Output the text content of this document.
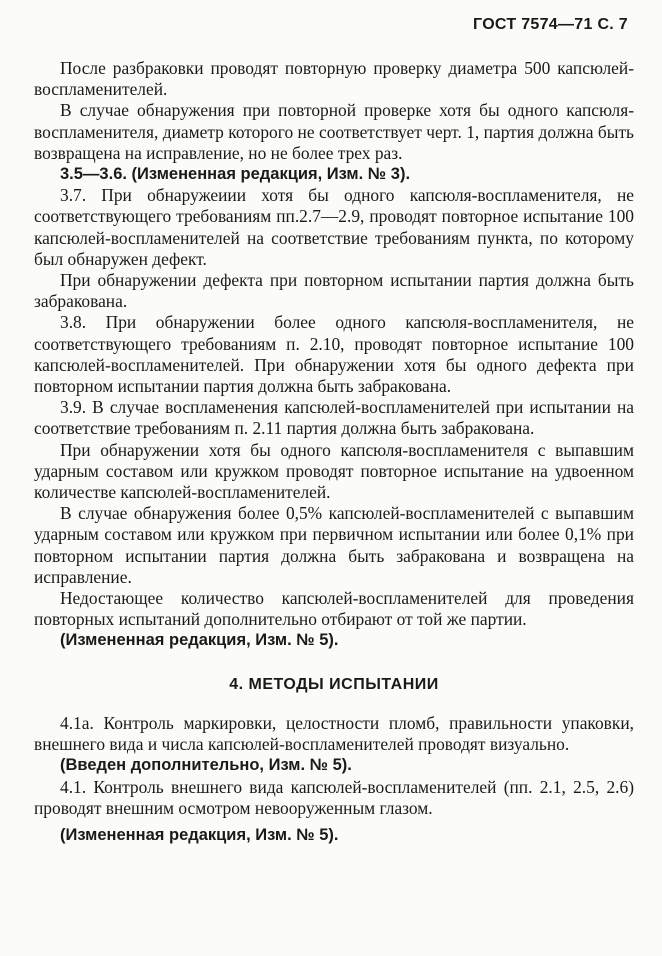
ГОСТ 7574—71 С. 7

После разбраковки проводят повторную проверку диаметра 500 капсюлей-воспламенителей.

В случае обнаружения при повторной проверке хотя бы одного капсюля-воспламенителя, диаметр которого не соответствует черт. 1, партия должна быть возвращена на исправление, но не более трех раз.

3.5—3.6. (Измененная редакция, Изм. № 3).

3.7. При обнаружеиии хотя бы одного капсюля-воспламенителя, не соответствующего требованиям пп.2.7—2.9, проводят повторное испытание 100 капсюлей-воспламенителей на соответствие требованиям пункта, по которому был обнаружен дефект.

При обнаружении дефекта при повторном испытании партия должна быть забракована.

3.8. При обнаружении более одного капсюля-воспламенителя, не соответствующего требованиям п. 2.10, проводят повторное испытание 100 капсюлей-воспламенителей. При обнаружении хотя бы одного дефекта при повторном испытании партия должна быть забракована.

3.9. В случае воспламенения капсюлей-воспламенителей при испытании на соответствие требованиям п. 2.11 партия должна быть забракована.

При обнаружении хотя бы одного капсюля-воспламенителя с выпавшим ударным составом или кружком проводят повторное испытание на удвоенном количестве капсюлей-воспламенителей.

В случае обнаружения более 0,5% капсюлей-воспламенителей с выпавшим ударным составом или кружком при первичном испытании или более 0,1% при повторном испытании партия должна быть забракована и возвращена на исправление.

Недостающее количество капсюлей-воспламенителей для проведения повторных испытаний дополнительно отбирают от той же партии.

(Измененная редакция, Изм. № 5).

4. МЕТОДЫ ИСПЫТАНИИ

4.1а. Контроль маркировки, целостности пломб, правильности упаковки, внешнего вида и числа капсюлей-воспламенителей проводят визуально.

(Введен дополнительно, Изм. № 5).

4.1. Контроль внешнего вида капсюлей-воспламенителей (пп. 2.1, 2.5, 2.6) проводят внешним осмотром невооруженным глазом.

(Измененная редакция, Изм. № 5).
